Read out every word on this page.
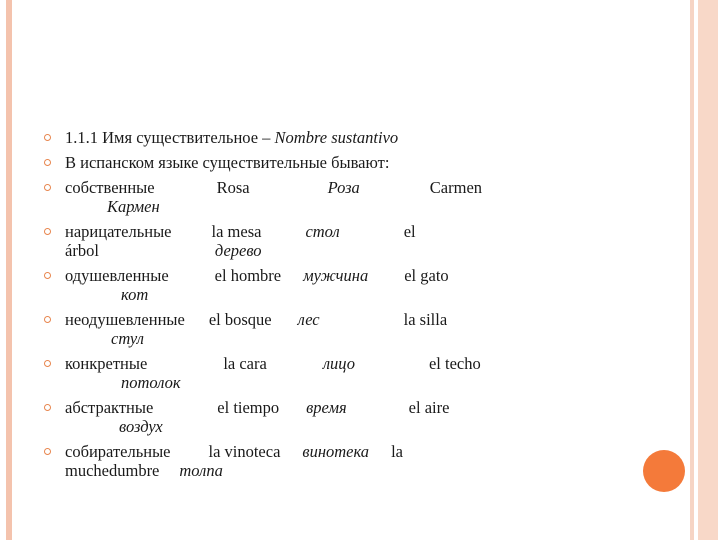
1.1.1 Имя существительное – Nombre sustantivo
В испанском языке существительные бывают:
собственные	Rosa	Роза	Carmen
Кармен
нарицательные la mesa	стол	el
árbol	дерево
одушевленные	el hombre мужчина el gato
кот
неодушевленные el bosque лес	la silla
стул
конкретные	la cara	лицо	el techo
потолок
абстрактные	el tiempo время	el aire
воздух
собирательные la vinoteca винотека la
muchedumbre толпа
